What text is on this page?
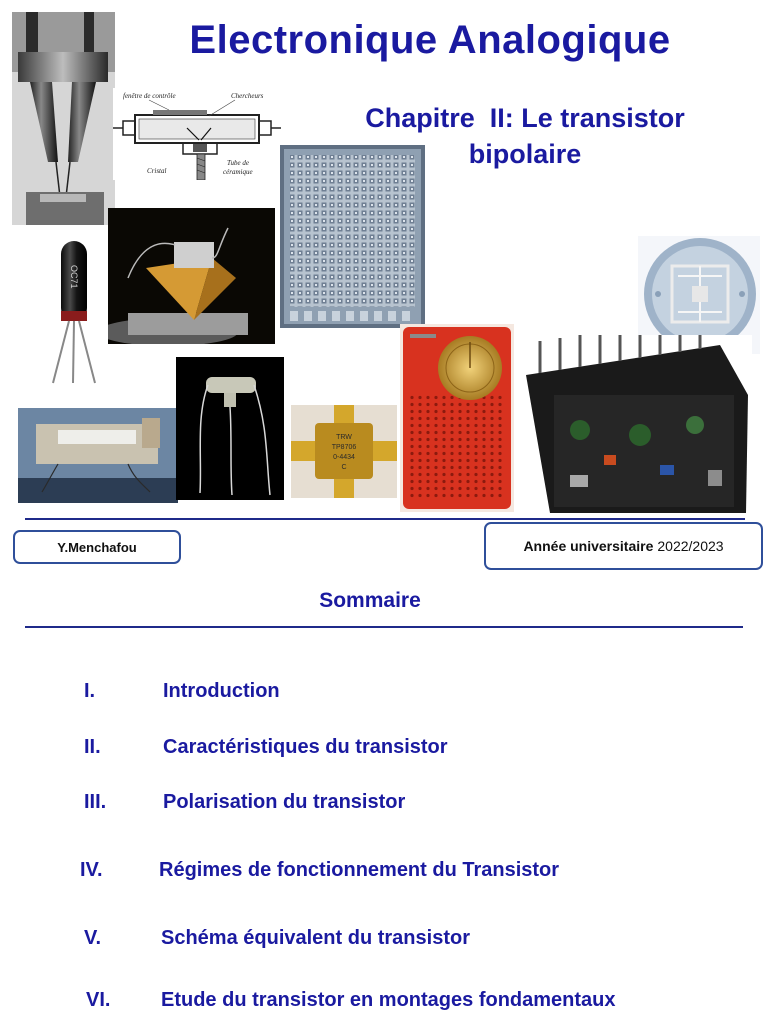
Electronique Analogique
Chapitre  II: Le transistor
bipolaire
fenêtre de contrôle	Chercheurs
Cristal
Tube de
céramique
OC71
TRW
TP8706
0-4434
C
Y.Menchafou	Année universitaire 2022/2023
Sommaire
I.	Introduction
II.	Caractéristiques du transistor
III.	Polarisation du transistor
IV.	Régimes de fonctionnement du Transistor
V.	Schéma équivalent du transistor
VI.	Etude du transistor en montages fondamentaux
